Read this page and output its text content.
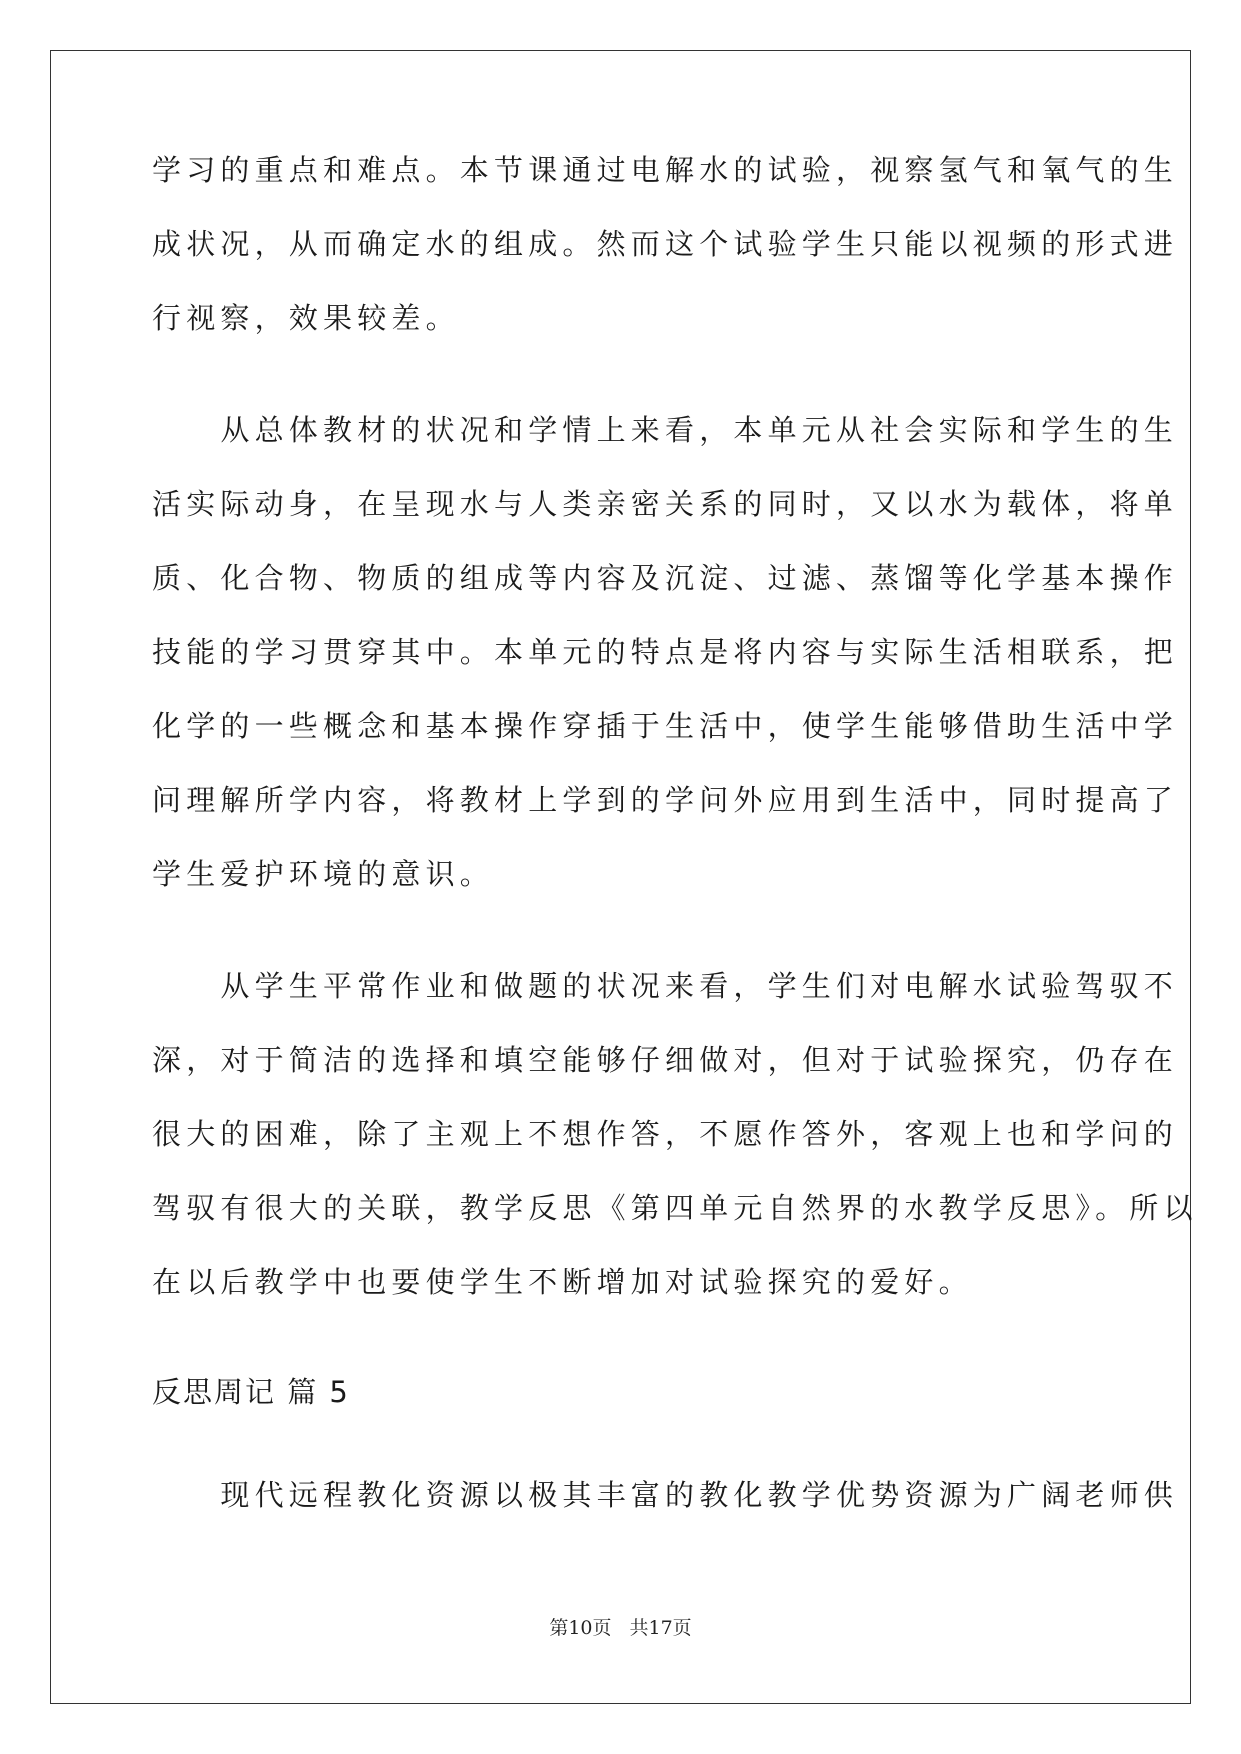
学习的重点和难点。本节课通过电解水的试验，视察氢气和氧气的生
成状况，从而确定水的组成。然而这个试验学生只能以视频的形式进
行视察，效果较差。
　　从总体教材的状况和学情上来看，本单元从社会实际和学生的生
活实际动身，在呈现水与人类亲密关系的同时，又以水为载体，将单
质、化合物、物质的组成等内容及沉淀、过滤、蒸馏等化学基本操作
技能的学习贯穿其中。本单元的特点是将内容与实际生活相联系，把
化学的一些概念和基本操作穿插于生活中，使学生能够借助生活中学
问理解所学内容，将教材上学到的学问外应用到生活中，同时提高了
学生爱护环境的意识。
　　从学生平常作业和做题的状况来看，学生们对电解水试验驾驭不
深，对于简洁的选择和填空能够仔细做对，但对于试验探究，仍存在
很大的困难，除了主观上不想作答，不愿作答外，客观上也和学问的
驾驭有很大的关联，教学反思《第四单元自然界的水教学反思》。所以
在以后教学中也要使学生不断增加对试验探究的爱好。
反思周记 篇 5
　　现代远程教化资源以极其丰富的教化教学优势资源为广阔老师供
第10页 共17页
